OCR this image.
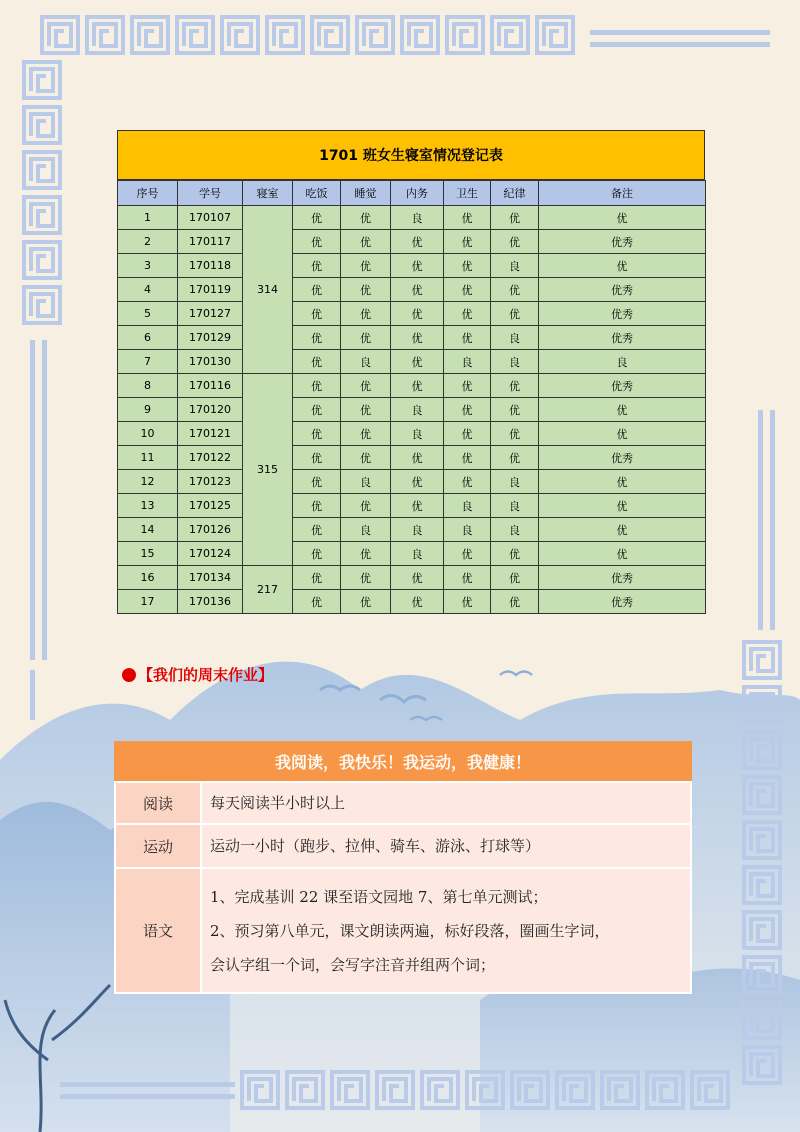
1701 班女生寝室情况登记表
序号	学号	寝室	吃饭	睡觉	内务	卫生	纪律	备注
1	170107	314	优	优	良	优	优	优
2	170117		优	优	优	优	优	优秀
3	170118		优	优	优	优	良	优
4	170119		优	优	优	优	优	优秀
5	170127		优	优	优	优	优	优秀
6	170129		优	优	优	优	良	优秀
7	170130		优	良	优	良	良	良
8	170116	315	优	优	优	优	优	优秀
9	170120		优	优	良	优	优	优
10	170121		优	优	良	优	优	优
11	170122		优	优	优	优	优	优秀
12	170123		优	良	优	优	良	优
13	170125		优	优	优	良	良	优
14	170126		优	良	良	良	良	优
15	170124		优	优	良	优	优	优
16	170134	217	优	优	优	优	优	优秀
17	170136		优	优	优	优	优	优秀
【我们的周末作业】
我阅读，我快乐！我运动，我健康！
阅读	每天阅读半小时以上

运动	运动一小时（跑步、拉伸、骑车、游泳、打球等）

语文	1、完成基训 22 课至语文园地 7、第七单元测试；
2、预习第八单元，课文朗读两遍，标好段落，圈画生字词，
会认字组一个词，会写字注音并组两个词；
